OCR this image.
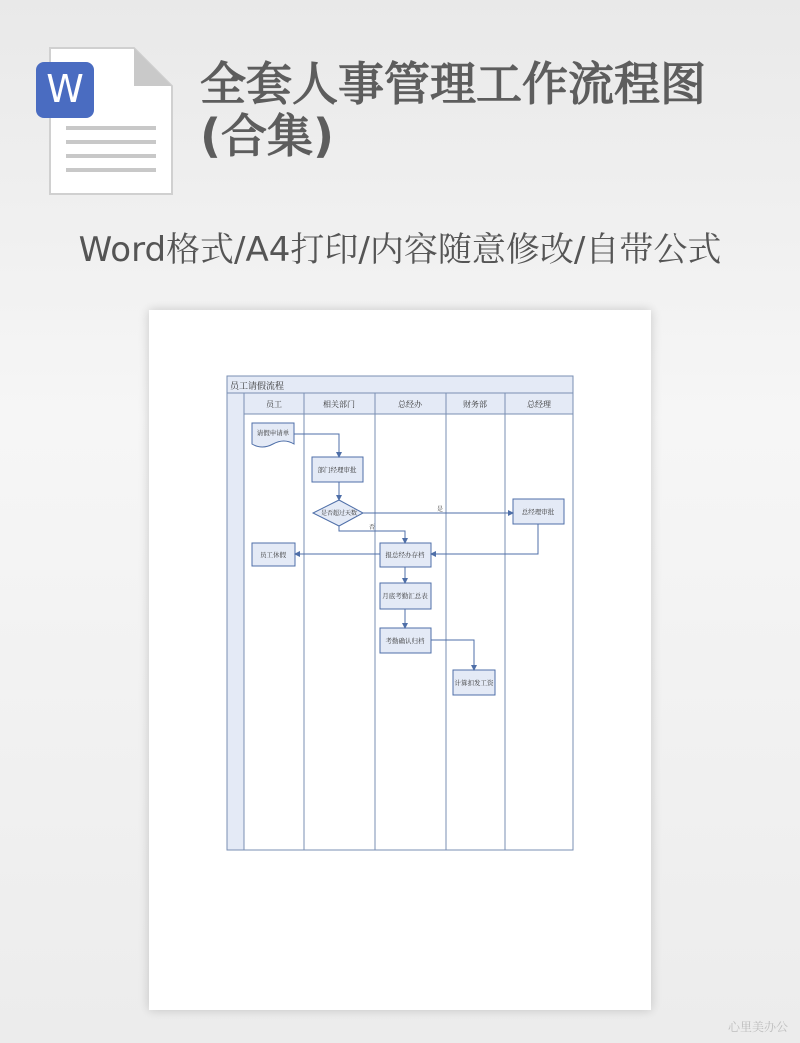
W	全套人事管理工作流程图(合集)
Word格式/A4打印/内容随意修改/自带公式
员工请假流程
员工	相关部门	总经办	财务部	总经理
请假申请单
部门经理审批
是否超过天数	总经理审批
员工休假	报总经办存档
月底考勤汇总表
考勤确认归档
计算扣发工资
是
否
心里美办公
